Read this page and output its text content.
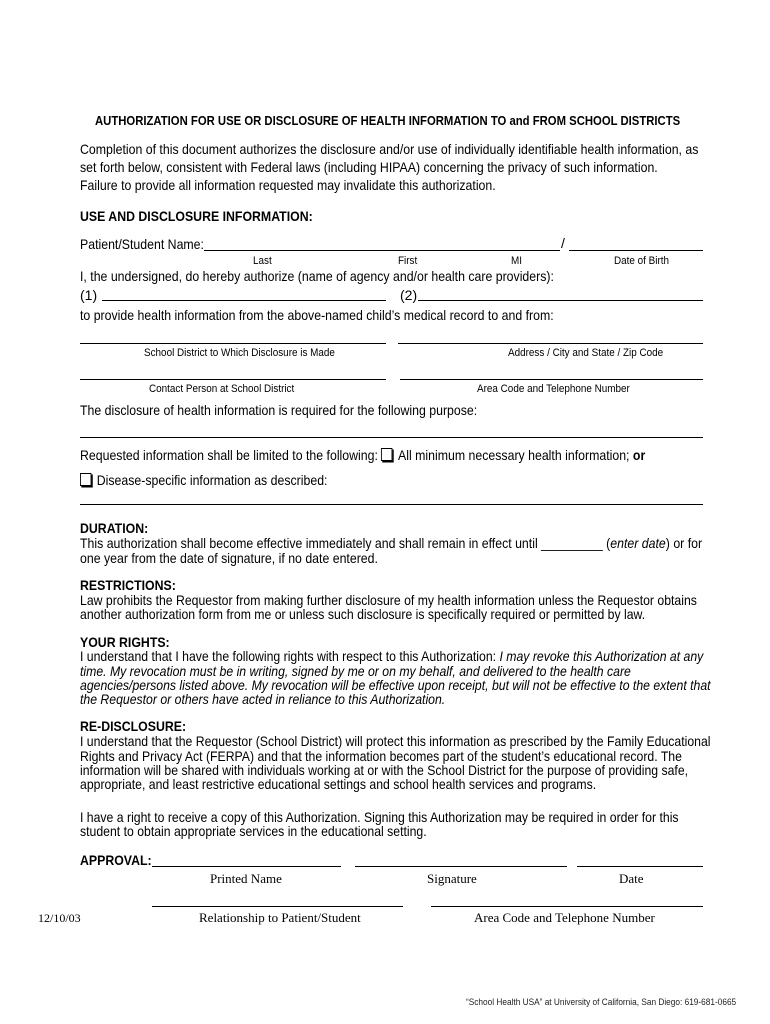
AUTHORIZATION FOR USE OR DISCLOSURE OF HEALTH INFORMATION TO and FROM SCHOOL DISTRICTS
Completion of this document authorizes the disclosure and/or use of individually identifiable health information, as
set forth below, consistent with Federal laws (including HIPAA) concerning the privacy of such information.
Failure to provide all information requested may invalidate this authorization.
USE AND DISCLOSURE INFORMATION:
Patient/Student Name:	/
Last	First	MI	Date of Birth
I, the undersigned, do hereby authorize (name of agency and/or health care providers):
(1)	(2)
to provide health information from the above-named child’s medical record to and from:
School District to Which Disclosure is Made	Address / City and State / Zip Code
Contact Person at School District	Area Code and Telephone Number
The disclosure of health information is required for the following purpose:
Requested information shall be limited to the following: All minimum necessary health information; or
Disease-specific information as described:
DURATION:
This authorization shall become effective immediately and shall remain in effect until _________ (enter date) or for
one year from the date of signature, if no date entered.
RESTRICTIONS:
Law prohibits the Requestor from making further disclosure of my health information unless the Requestor obtains
another authorization form from me or unless such disclosure is specifically required or permitted by law.
YOUR RIGHTS:
I understand that I have the following rights with respect to this Authorization: I may revoke this Authorization at any
time. My revocation must be in writing, signed by me or on my behalf, and delivered to the health care
agencies/persons listed above. My revocation will be effective upon receipt, but will not be effective to the extent that
the Requestor or others have acted in reliance to this Authorization.
RE-DISCLOSURE:
I understand that the Requestor (School District) will protect this information as prescribed by the Family Educational
Rights and Privacy Act (FERPA) and that the information becomes part of the student’s educational record. The
information will be shared with individuals working at or with the School District for the purpose of providing safe,
appropriate, and least restrictive educational settings and school health services and programs.
I have a right to receive a copy of this Authorization. Signing this Authorization may be required in order for this
student to obtain appropriate services in the educational setting.
APPROVAL:
Printed Name	Signature	Date
12/10/03	Relationship to Patient/Student	Area Code and Telephone Number
“School Health USA” at University of California, San Diego: 619-681-0665
